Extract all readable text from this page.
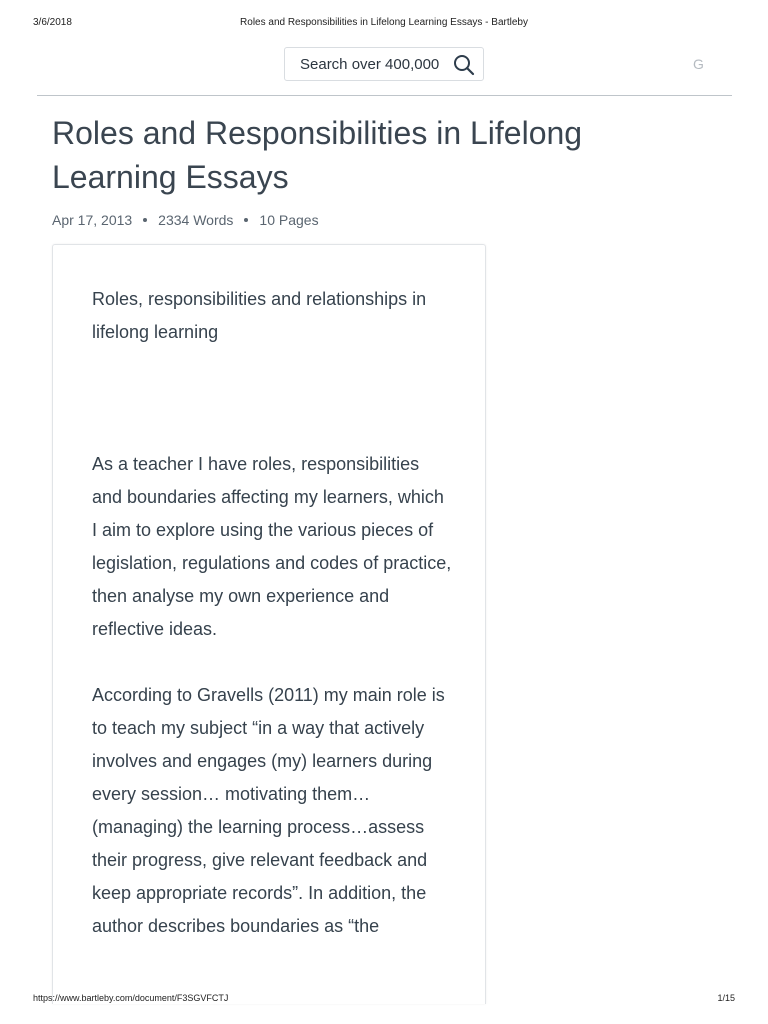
3/6/2018	Roles and Responsibilities in Lifelong Learning Essays - Bartleby
Search over 400,000	G
Roles and Responsibilities in Lifelong Learning Essays
Apr 17, 2013 2334 Words 10 Pages

Roles, responsibilities and relationships in lifelong learning

As a teacher I have roles, responsibilities and boundaries affecting my learners, which I aim to explore using the various pieces of legislation, regulations and codes of practice, then analyse my own experience and reflective ideas.

According to Gravells (2011) my main role is to teach my subject “in a way that actively involves and engages (my) learners during every session… motivating them…(managing) the learning process…assess their progress, give relevant feedback and keep appropriate records”. In addition, the author describes boundaries as “the

https://www.bartleby.com/document/F3SGVFCTJ	1/15
